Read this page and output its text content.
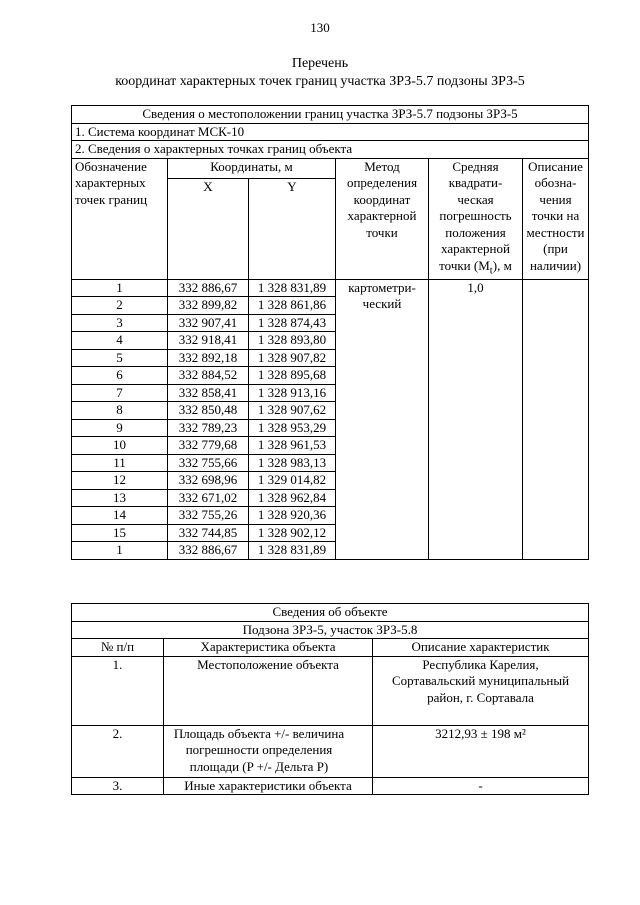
130
Перечень
координат характерных точек границ участка ЗРЗ-5.7 подзоны ЗРЗ-5
Сведения о местоположении границ участка ЗРЗ-5.7 подзоны ЗРЗ-5					
1. Система координат МСК-10					
2. Сведения о характерных точках границ объекта					
Обозначение характерных точек границ	Координаты, м		Метод определения координат характерной точки	Средняя квадрати-ческая погрешность положения характерной точки $(M_t)$, м	Описание обозна-чения точки на местности (при наличии)
	X	Y			
1	332 886,67	1 328 831,89	картометри-ческий	1,0	
2	332 899,82	1 328 861,86			
3	332 907,41	1 328 874,43			
4	332 918,41	1 328 893,80			
5	332 892,18	1 328 907,82			
6	332 884,52	1 328 895,68			
7	332 858,41	1 328 913,16			
8	332 850,48	1 328 907,62			
9	332 789,23	1 328 953,29			
10	332 779,68	1 328 961,53			
11	332 755,66	1 328 983,13			
12	332 698,96	1 329 014,82			
13	332 671,02	1 328 962,84			
14	332 755,26	1 328 920,36			
15	332 744,85	1 328 902,12			
1	332 886,67	1 328 831,89			
Сведения об объекте		
Подзона ЗРЗ-5, участок ЗРЗ-5.8		
№ п/п	Характеристика объекта	Описание характеристик
1.	Местоположение объекта	Республика Карелия, Сортавальский муниципальный район, г. Сортавала
2.	Площадь объекта +/- величина погрешности определения площади (P +/- Дельта P)	3212,93 ± 198 м²
3.	Иные характеристики объекта	-
